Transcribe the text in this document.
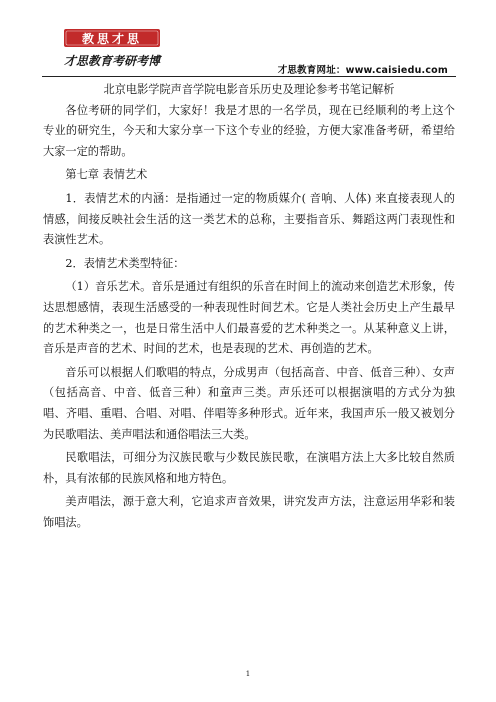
教思才思
才思教育考研考博
才思教育网址：www.caisiedu.com

北京电影学院声音学院电影音乐历史及理论参考书笔记解析

各位考研的同学们，大家好！我是才思的一名学员，现在已经顺利的考上这个专业的研究生，今天和大家分享一下这个专业的经验，方便大家准备考研，希望给大家一定的帮助。

第七章 表情艺术

1．表情艺术的内涵：是指通过一定的物质媒介( 音响、人体) 来直接表现人的情感，间接反映社会生活的这一类艺术的总称，主要指音乐、舞蹈这两门表现性和表演性艺术。

2．表情艺术类型特征：

（1）音乐艺术。音乐是通过有组织的乐音在时间上的流动来创造艺术形象，传达思想感情，表现生活感受的一种表现性时间艺术。它是人类社会历史上产生最早的艺术种类之一，也是日常生活中人们最喜爱的艺术种类之一。从某种意义上讲，音乐是声音的艺术、时间的艺术，也是表现的艺术、再创造的艺术。

音乐可以根据人们歌唱的特点，分成男声（包括高音、中音、低音三种）、女声（包括高音、中音、低音三种）和童声三类。声乐还可以根据演唱的方式分为独唱、齐唱、重唱、合唱、对唱、伴唱等多种形式。近年来，我国声乐一般又被划分为民歌唱法、美声唱法和通俗唱法三大类。

民歌唱法，可细分为汉族民歌与少数民族民歌，在演唱方法上大多比较自然质朴，具有浓郁的民族风格和地方特色。

美声唱法，源于意大利，它追求声音效果，讲究发声方法，注意运用华彩和装饰唱法。

1
